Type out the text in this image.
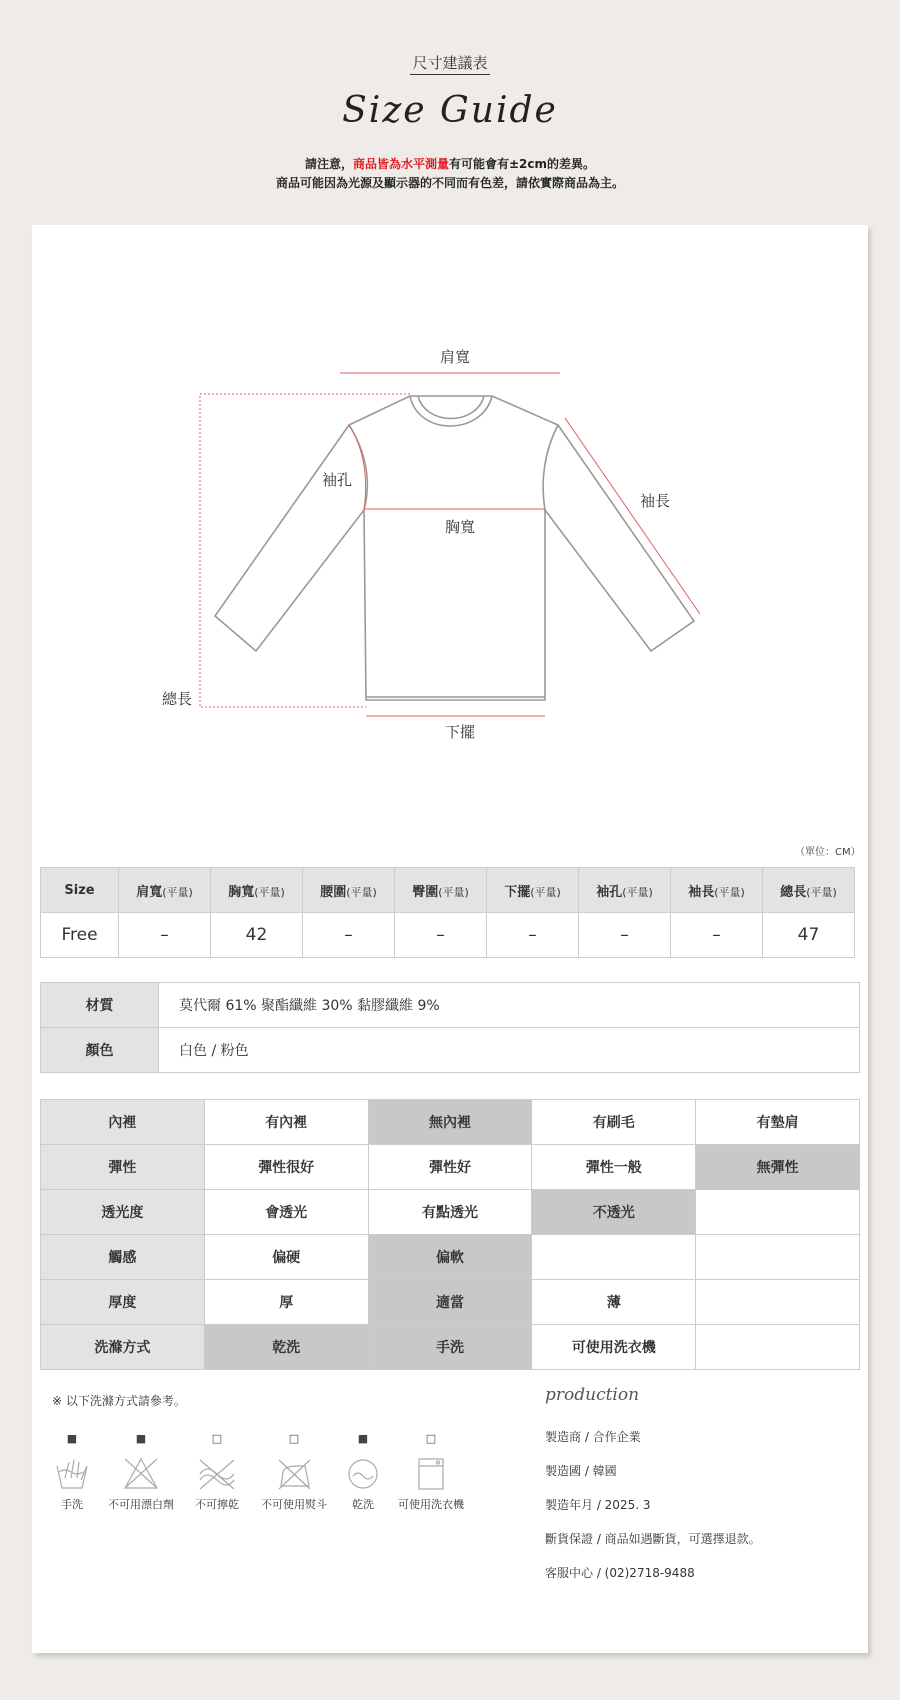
尺寸建議表
Size Guide
請注意，商品皆為水平測量有可能會有±2cm的差異。
商品可能因為光源及顯示器的不同而有色差，請依實際商品為主。
肩寬
袖孔
袖長
胸寬
總長
下擺
（單位：CM）
Size	肩寬(平量)	胸寬(平量)	腰圍(平量)	臀圍(平量)	下擺(平量)	袖孔(平量)	袖長(平量)	總長(平量)
Free	–	42	–	–	–	–	–	47
材質	莫代爾 61% 聚酯纖維 30% 黏膠纖維 9%
顏色	白色 / 粉色
內裡	有內裡	無內裡	有刷毛	有墊肩
彈性	彈性很好	彈性好	彈性一般	無彈性
透光度	會透光	有點透光	不透光	
觸感	偏硬	偏軟		
厚度	厚	適當	薄	
洗滌方式	乾洗	手洗	可使用洗衣機	
※ 以下洗滌方式請參考。
■
手洗
■
不可用漂白劑
□
不可擰乾
□
不可使用熨斗
■
乾洗
□
可使用洗衣機
production
製造商 / 合作企業
製造國 / 韓國
製造年月 / 2025. 3
斷貨保證 / 商品如遇斷貨，可選擇退款。
客服中心 / (02)2718-9488
